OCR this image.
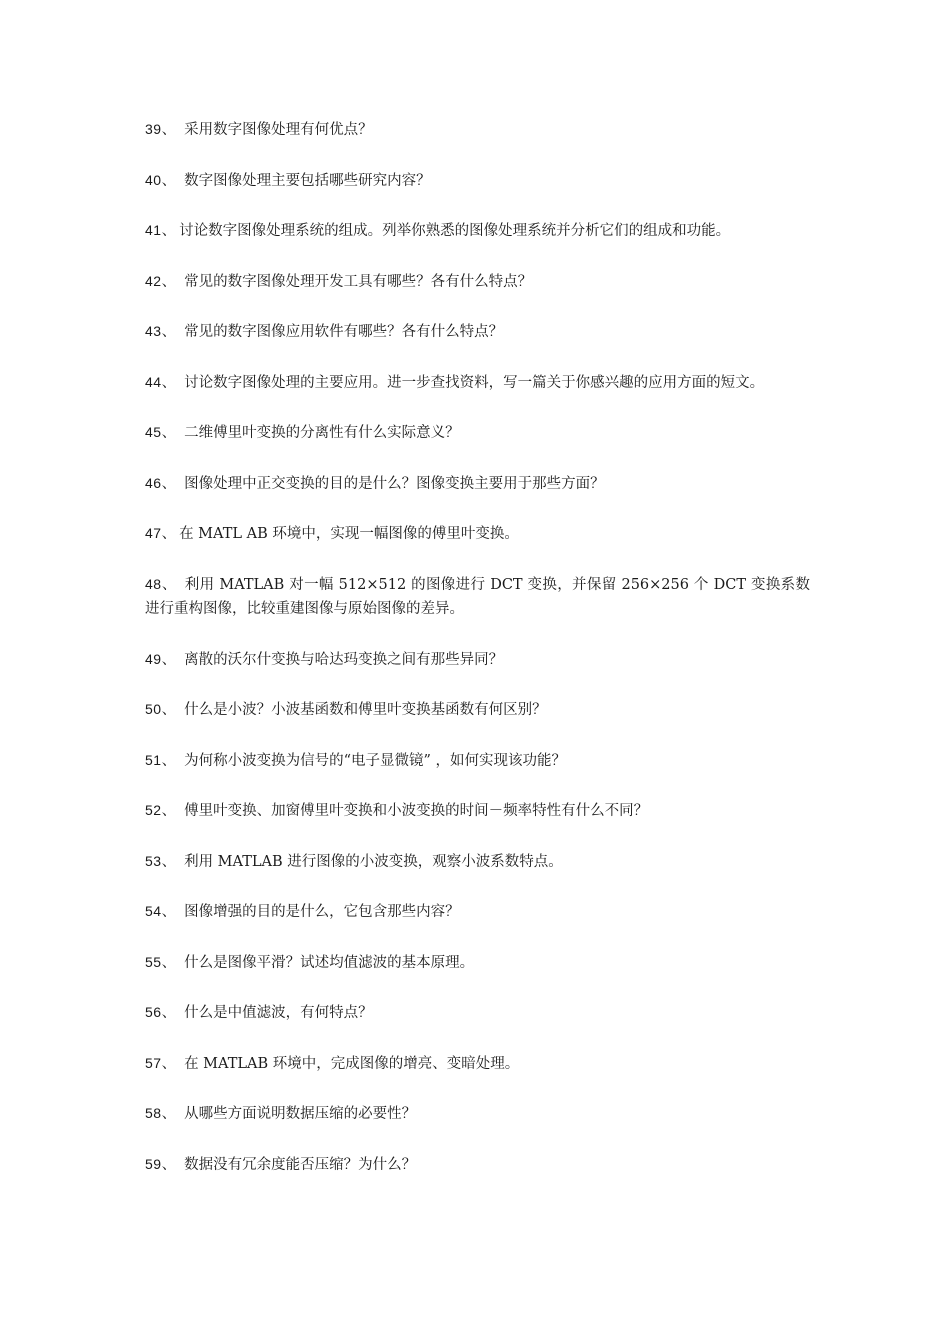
39、 采用数字图像处理有何优点？
40、 数字图像处理主要包括哪些研究内容？
41、 讨论数字图像处理系统的组成。列举你熟悉的图像处理系统并分析它们的组成和功能。
42、 常见的数字图像处理开发工具有哪些？各有什么特点？
43、 常见的数字图像应用软件有哪些？各有什么特点？
44、 讨论数字图像处理的主要应用。进一步查找资料，写一篇关于你感兴趣的应用方面的短文。
45、 二维傅里叶变换的分离性有什么实际意义？
46、 图像处理中正交变换的目的是什么？图像变换主要用于那些方面？
47、 在 MATL AB 环境中，实现一幅图像的傅里叶变换。
48、 利用 MATLAB 对一幅 512×512 的图像进行 DCT 变换，并保留 256×256 个 DCT 变换系数进行重构图像，比较重建图像与原始图像的差异。
49、 离散的沃尔什变换与哈达玛变换之间有那些异同？
50、 什么是小波？小波基函数和傅里叶变换基函数有何区别？
51、 为何称小波变换为信号的“电子显微镜” ，如何实现该功能？
52、 傅里叶变换、加窗傅里叶变换和小波变换的时间－频率特性有什么不同？
53、 利用 MATLAB 进行图像的小波变换，观察小波系数特点。
54、 图像增强的目的是什么，它包含那些内容？
55、 什么是图像平滑？试述均值滤波的基本原理。
56、 什么是中值滤波，有何特点？
57、 在 MATLAB 环境中，完成图像的增亮、变暗处理。
58、 从哪些方面说明数据压缩的必要性？
59、 数据没有冗余度能否压缩？为什么？
